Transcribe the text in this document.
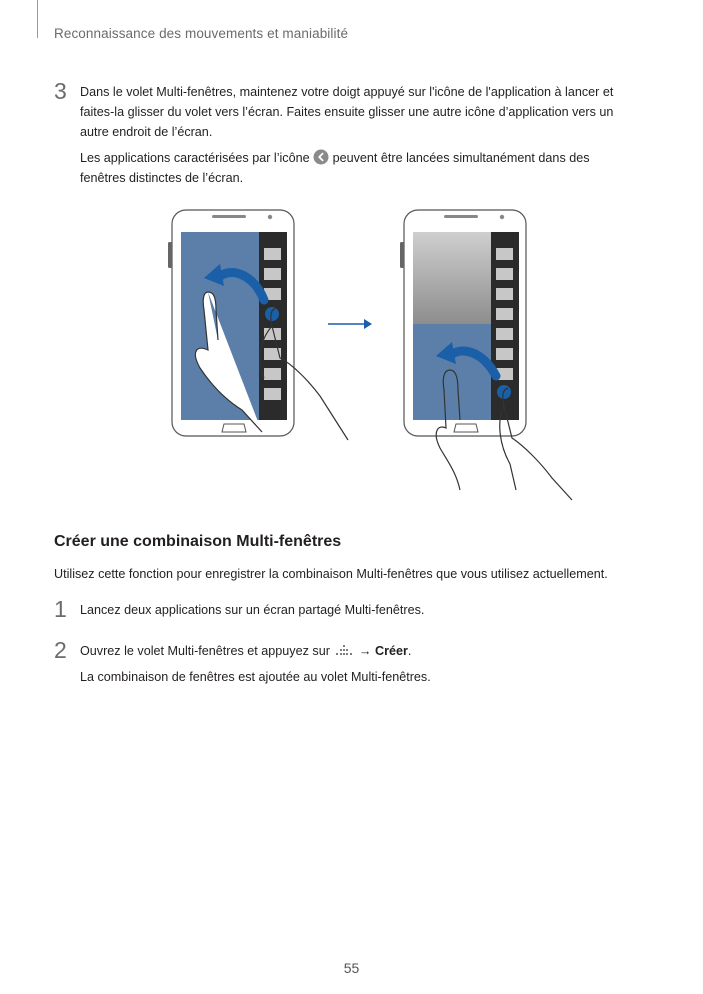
Reconnaissance des mouvements et maniabilité
3 Dans le volet Multi-fenêtres, maintenez votre doigt appuyé sur l'icône de l'application à lancer et
faites-la glisser du volet vers l’écran. Faites ensuite glisser une autre icône d’application vers un
autre endroit de l’écran.
Les applications caractérisées par l’icône peuvent être lancées simultanément dans des
fenêtres distinctes de l’écran.
Créer une combinaison Multi-fenêtres
Utilisez cette fonction pour enregistrer la combinaison Multi-fenêtres que vous utilisez actuellement.
1 Lancez deux applications sur un écran partagé Multi-fenêtres.
2 Ouvrez le volet Multi-fenêtres et appuyez sur → Créer.
La combinaison de fenêtres est ajoutée au volet Multi-fenêtres.
55
